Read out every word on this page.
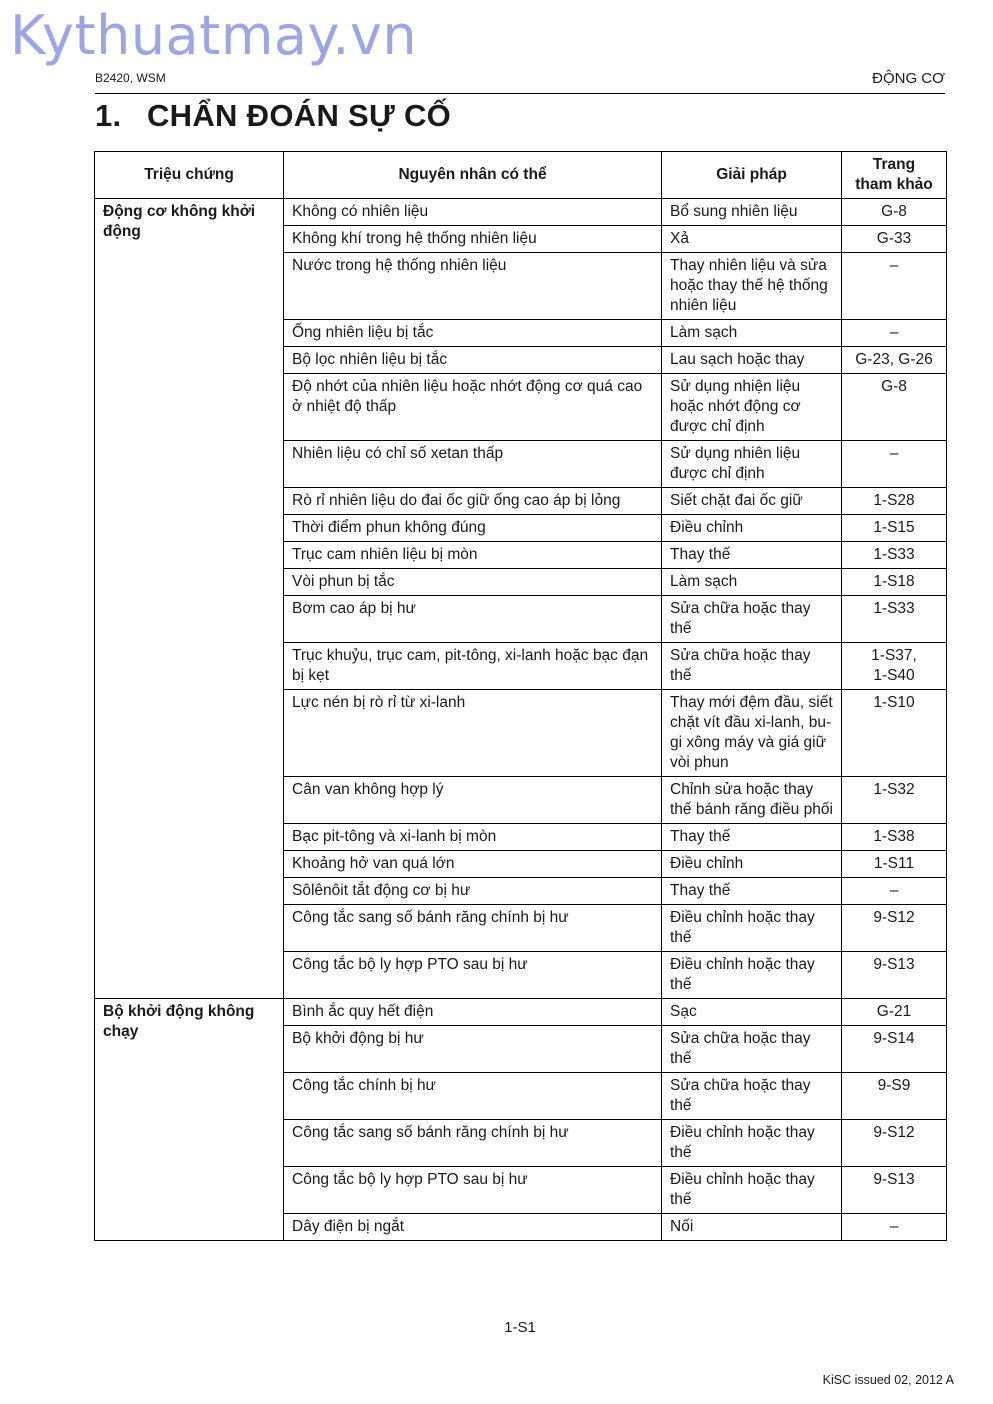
Kythuatmay.vn
B2420, WSM	ĐỘNG CƠ
1. CHẨN ĐOÁN SỰ CỐ
Triệu chứng	Nguyên nhân có thể	Giải pháp	Trang
tham khảo

Động cơ không khởi động	Không có nhiên liệu	Bổ sung nhiên liệu	G-8

	Không khí trong hệ thống nhiên liệu	Xả	G-33

	Nước trong hệ thống nhiên liệu	Thay nhiên liệu và sửa hoặc thay thế hệ thống nhiên liệu	–

	Ống nhiên liệu bị tắc	Làm sạch	–

	Bộ lọc nhiên liệu bị tắc	Lau sạch hoặc thay	G-23, G-26

	Độ nhớt của nhiên liệu hoặc nhớt động cơ quá cao ở nhiệt độ thấp	Sử dụng nhiện liệu hoặc nhớt động cơ được chỉ định	G-8

	Nhiên liệu có chỉ số xetan thấp	Sử dụng nhiên liệu được chỉ định	–

	Rò rỉ nhiên liệu do đai ốc giữ ống cao áp bị lỏng	Siết chặt đai ốc giữ	1-S28

	Thời điểm phun không đúng	Điều chỉnh	1-S15

	Trục cam nhiên liệu bị mòn	Thay thế	1-S33

	Vòi phun bị tắc	Làm sạch	1-S18

	Bơm cao áp bị hư	Sửa chữa hoặc thay thế	1-S33

	Trục khuỷu, trục cam, pit-tông, xi-lanh hoặc bạc đạn bị kẹt	Sửa chữa hoặc thay thế	1-S37,
1-S40

	Lực nén bị rò rỉ từ xi-lanh	Thay mới đệm đầu, siết chặt vít đầu xi-lanh, bu-gi xông máy và giá giữ vòi phun	1-S10

	Cân van không hợp lý	Chỉnh sửa hoặc thay thế bánh răng điều phối	1-S32

	Bạc pit-tông và xi-lanh bị mòn	Thay thế	1-S38

	Khoảng hở van quá lớn	Điều chỉnh	1-S11

	Sôlênôit tắt động cơ bị hư	Thay thế	–

	Công tắc sang số bánh răng chính bị hư	Điều chỉnh hoặc thay thế	9-S12

	Công tắc bộ ly hợp PTO sau bị hư	Điều chỉnh hoặc thay thế	9-S13

Bộ khởi động không chạy	Bình ắc quy hết điện	Sạc	G-21

	Bộ khởi động bị hư	Sửa chữa hoặc thay thế	9-S14

	Công tắc chính bị hư	Sửa chữa hoặc thay thế	9-S9

	Công tắc sang số bánh răng chính bị hư	Điều chỉnh hoặc thay thế	9-S12

	Công tắc bộ ly hợp PTO sau bị hư	Điều chỉnh hoặc thay thế	9-S13

	Dây điện bị ngắt	Nối	–
1-S1
KiSC issued 02, 2012 A
